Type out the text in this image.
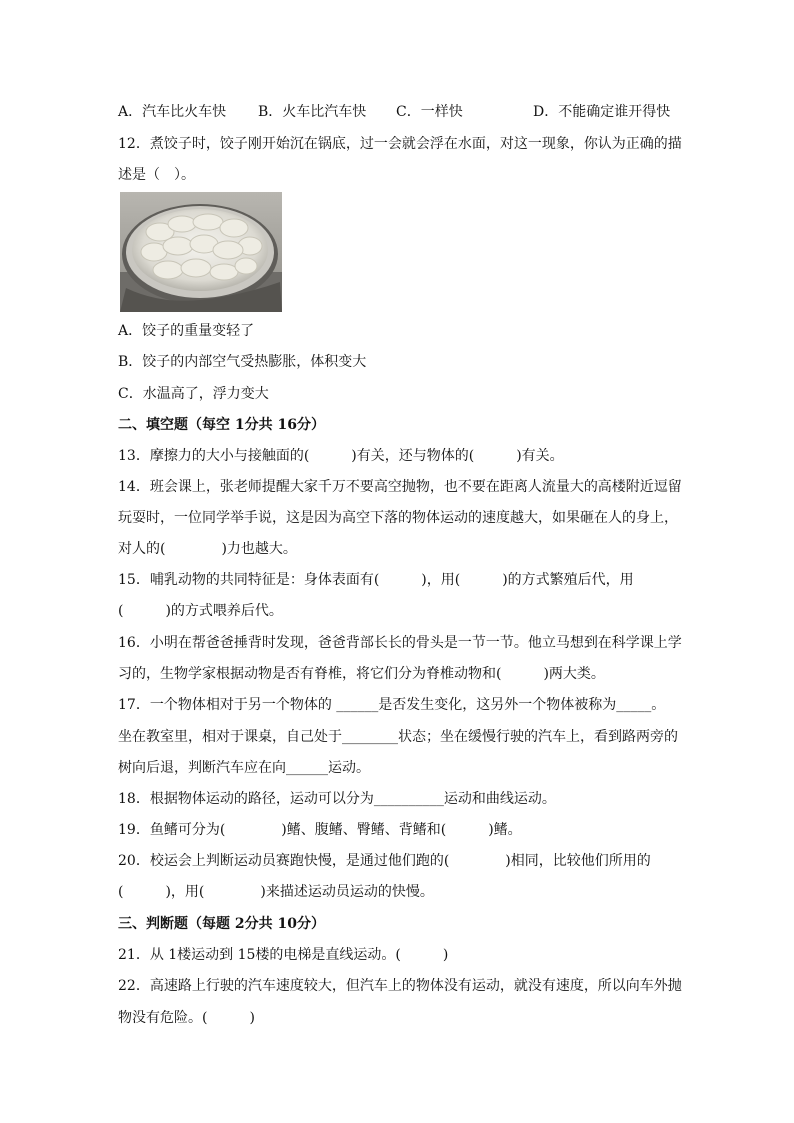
A．汽车比火车快 B．火车比汽车快 C．一样快	D．不能确定谁开得快
12．煮饺子时，饺子刚开始沉在锅底，过一会就会浮在水面，对这一现象，你认为正确的描
述是（　）。
A．饺子的重量变轻了
B．饺子的内部空气受热膨胀，体积变大
C．水温高了，浮力变大
二、填空题（每空 1分共 16分）
13．摩擦力的大小与接触面的(　　　)有关，还与物体的(　　　)有关。
14．班会课上，张老师提醒大家千万不要高空抛物，也不要在距离人流量大的高楼附近逗留
玩耍时，一位同学举手说，这是因为高空下落的物体运动的速度越大，如果砸在人的身上，
对人的(　　　　)力也越大。
15．哺乳动物的共同特征是：身体表面有(　　　)，用(　　　)的方式繁殖后代，用
(　　　)的方式喂养后代。
16．小明在帮爸爸捶背时发现，爸爸背部长长的骨头是一节一节。他立马想到在科学课上学
习的，生物学家根据动物是否有脊椎，将它们分为脊椎动物和(　　　)两大类。
17．一个物体相对于另一个物体的 ______是否发生变化，这另外一个物体被称为_____。
坐在教室里，相对于课桌，自己处于________状态；坐在缓慢行驶的汽车上，看到路两旁的
树向后退，判断汽车应在向______运动。
18．根据物体运动的路径，运动可以分为__________运动和曲线运动。
19．鱼鳍可分为(　　　　)鳍、腹鳍、臀鳍、背鳍和(　　　)鳍。
20．校运会上判断运动员赛跑快慢，是通过他们跑的(　　　　)相同，比较他们所用的
(　　　)，用(　　　　)来描述运动员运动的快慢。
三、判断题（每题 2分共 10分）
21．从 1楼运动到 15楼的电梯是直线运动。(　　　)
22．高速路上行驶的汽车速度较大，但汽车上的物体没有运动，就没有速度，所以向车外抛
物没有危险。(　　　)
